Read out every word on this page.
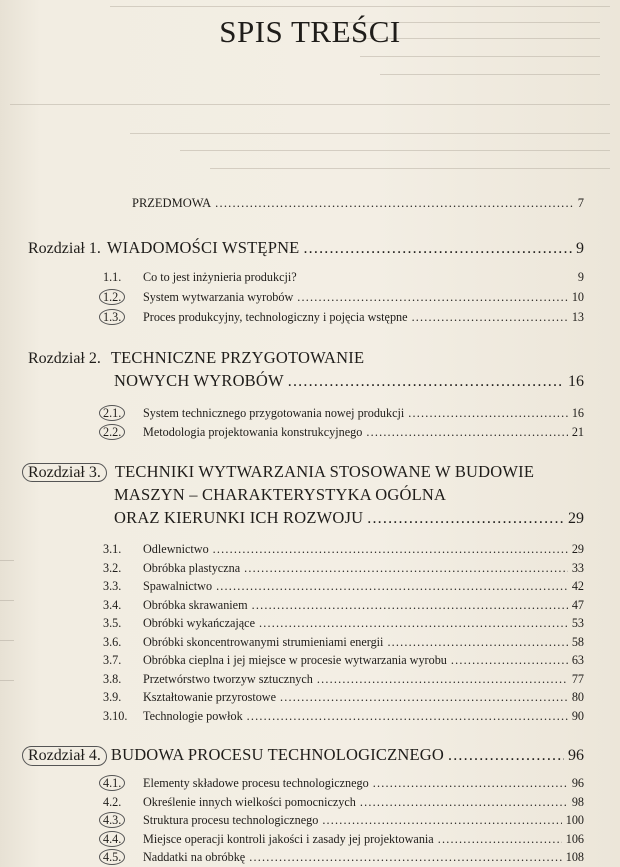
SPIS TREŚCI
PRZEDMOWA .....	7
Rozdział 1. WIADOMOŚCI WSTĘPNE .....	9
1.1.	Co to jest inżynieria produkcji?	9
1.2.	System wytwarzania wyrobów .....	10
1.3.	Proces produkcyjny, technologiczny i pojęcia wstępne .....	13
Rozdział 2. TECHNICZNE PRZYGOTOWANIE
NOWYCH WYROBÓW .....	16
2.1.	System technicznego przygotowania nowej produkcji .....	16
2.2.	Metodologia projektowania konstrukcyjnego .....	21
Rozdział 3. TECHNIKI WYTWARZANIA STOSOWANE W BUDOWIE
MASZYN – CHARAKTERYSTYKA OGÓLNA
ORAZ KIERUNKI ICH ROZWOJU .....	29
3.1.	Odlewnictwo .....	29
3.2.	Obróbka plastyczna .....	33
3.3.	Spawalnictwo .....	42
3.4.	Obróbka skrawaniem .....	47
3.5.	Obróbki wykańczające .....	53
3.6.	Obróbki skoncentrowanymi strumieniami energii .....	58
3.7.	Obróbka cieplna i jej miejsce w procesie wytwarzania wyrobu .....	63
3.8.	Przetwórstwo tworzyw sztucznych .....	77
3.9.	Kształtowanie przyrostowe .....	80
3.10.	Technologie powłok .....	90
Rozdział 4. BUDOWA PROCESU TECHNOLOGICZNEGO .....	96
4.1.	Elementy składowe procesu technologicznego .....	96
4.2.	Określenie innych wielkości pomocniczych .....	98
4.3.	Struktura procesu technologicznego .....	100
4.4.	Miejsce operacji kontroli jakości i zasady jej projektowania .....	106
4.5.	Naddatki na obróbkę .....	108
